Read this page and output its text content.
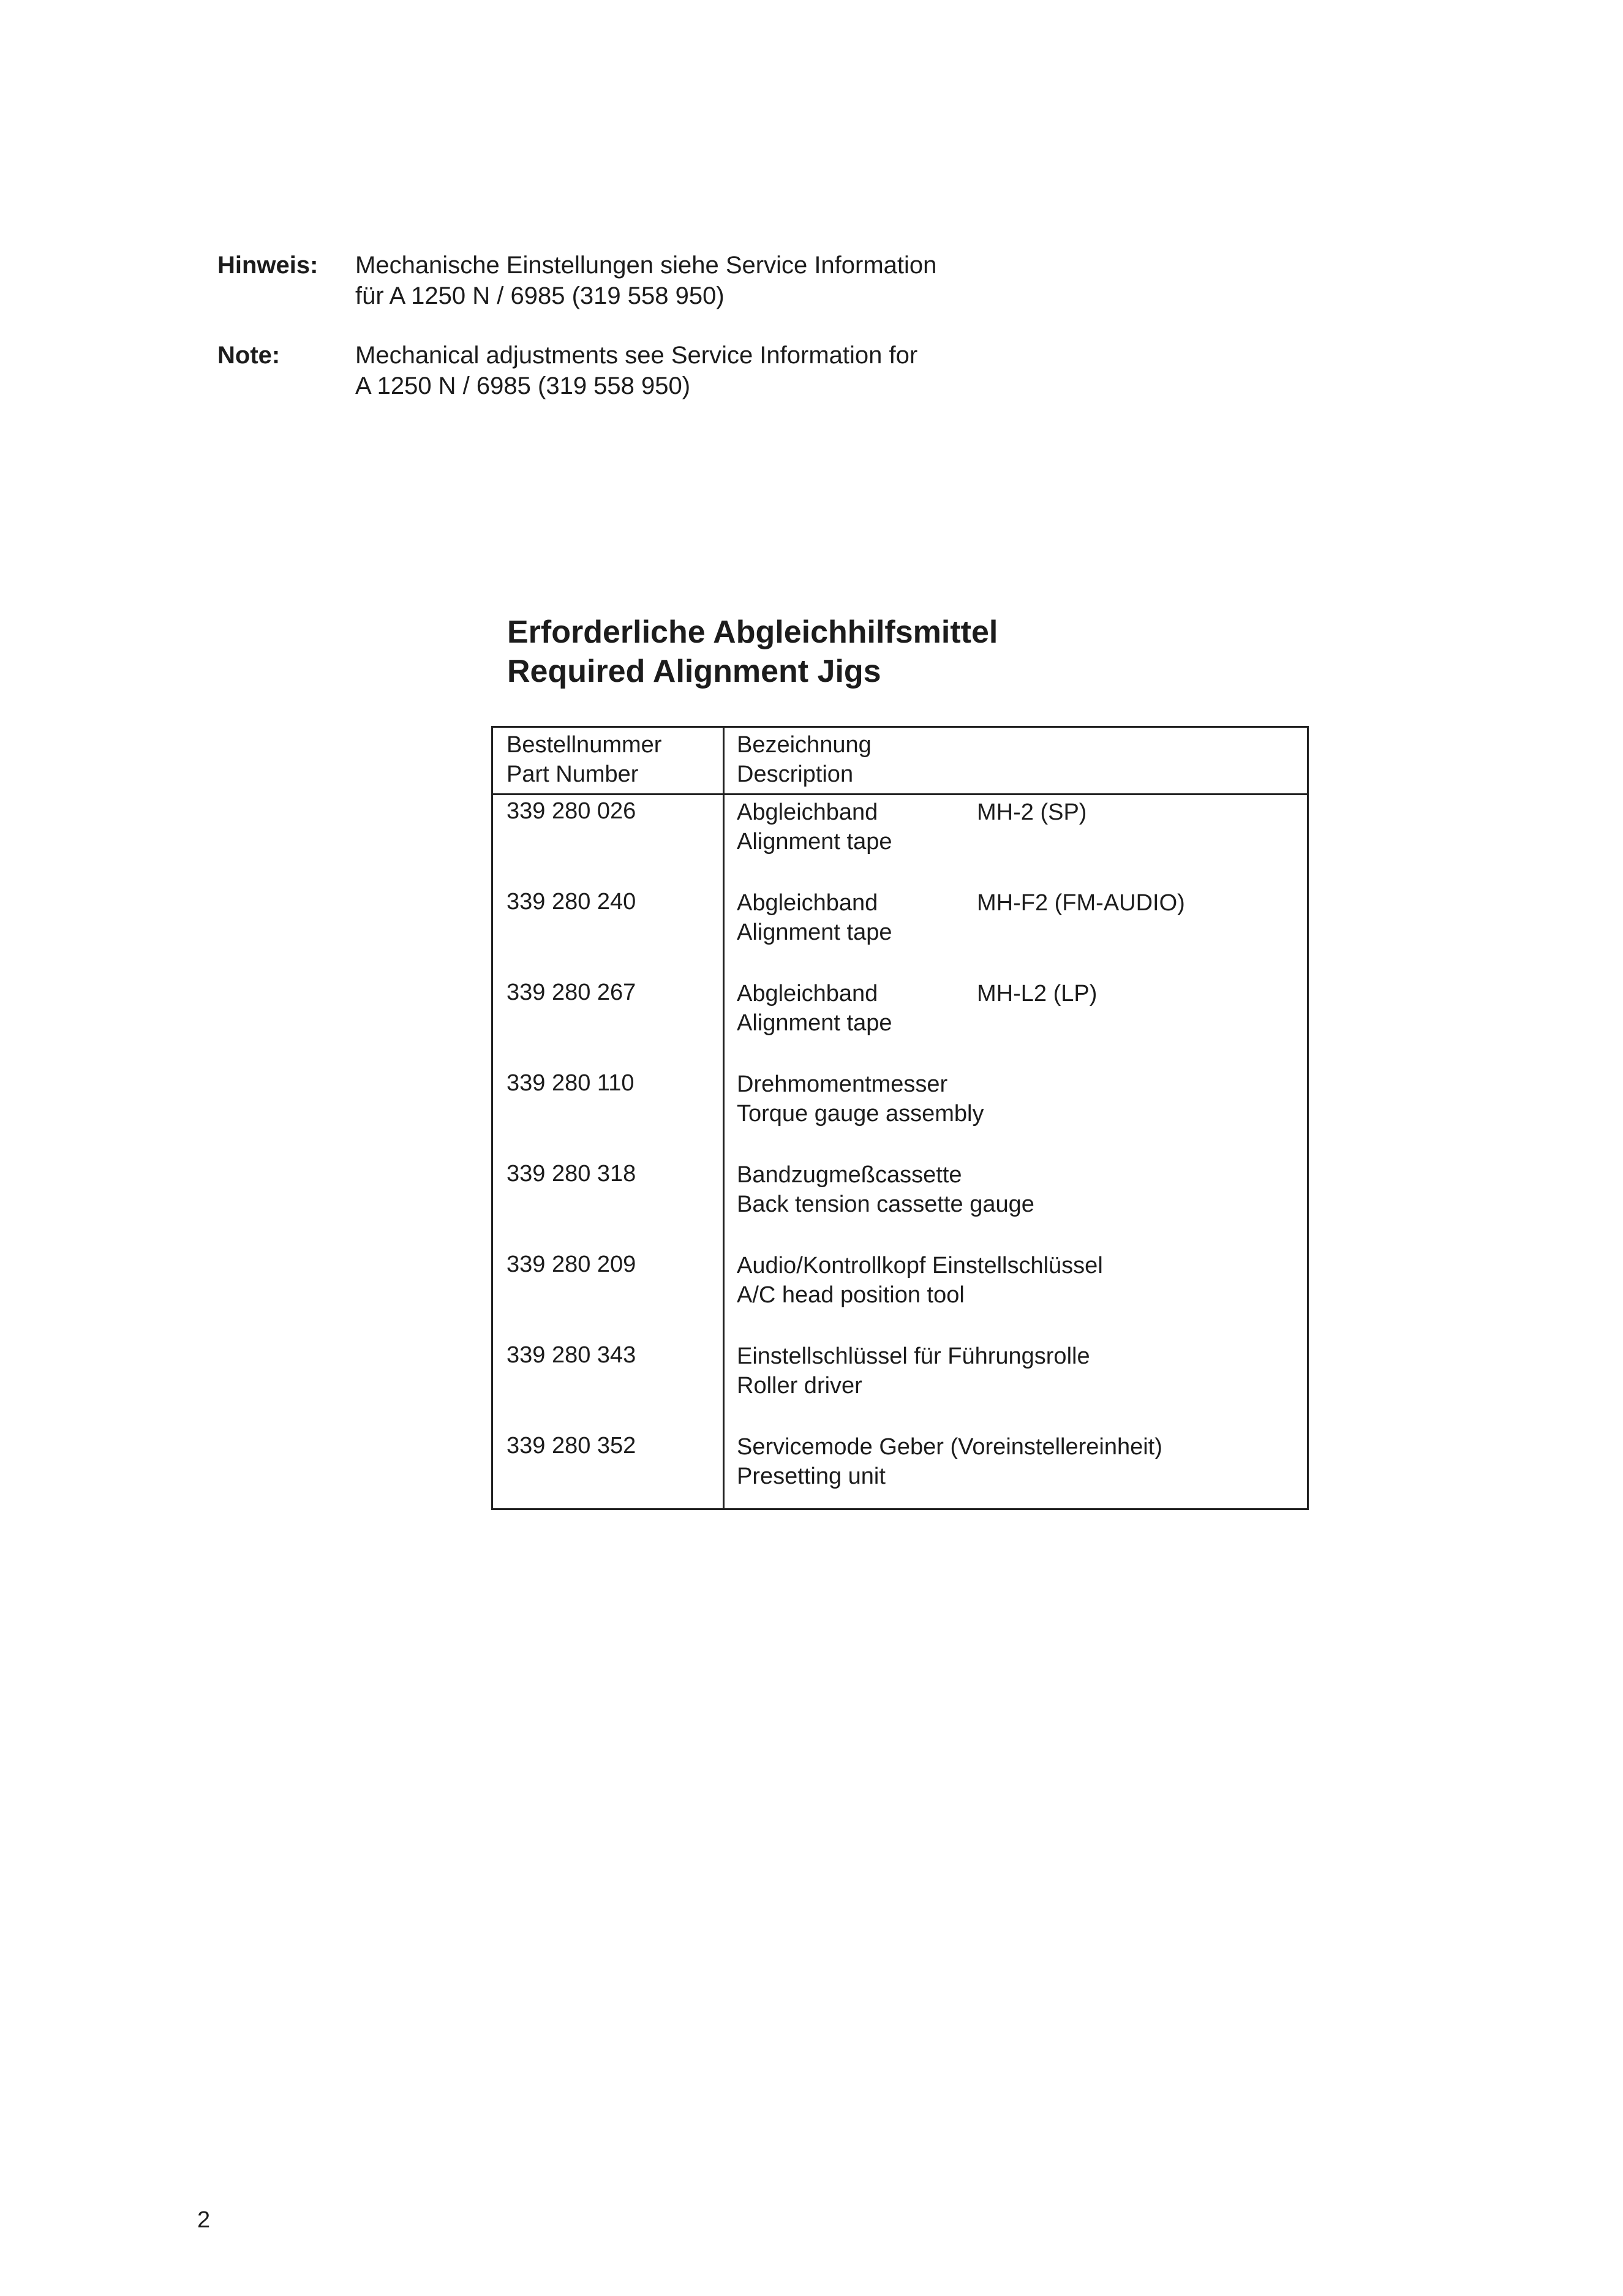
Hinweis: Mechanische Einstellungen siehe Service Information
für A 1250 N / 6985 (319 558 950)
Note:	Mechanical adjustments see Service Information for
A 1250 N / 6985 (319 558 950)
Erforderliche Abgleichhilfsmittel
Required Alignment Jigs
Bestellnummer
Part Number
Bezeichnung
Description
339 280 026	Abgleichband
Alignment tape
MH-2 (SP)
339 280 240	Abgleichband
Alignment tape
MH-F2 (FM-AUDIO)
339 280 267	Abgleichband
Alignment tape
MH-L2 (LP)
339 280 110	Drehmomentmesser
Torque gauge assembly
339 280 318	Bandzugmeßcassette
Back tension cassette gauge
339 280 209	Audio/Kontrollkopf Einstellschlüssel
A/C head position tool
339 280 343	Einstellschlüssel für Führungsrolle
Roller driver
339 280 352	Servicemode Geber (Voreinstellereinheit)
Presetting unit
2
